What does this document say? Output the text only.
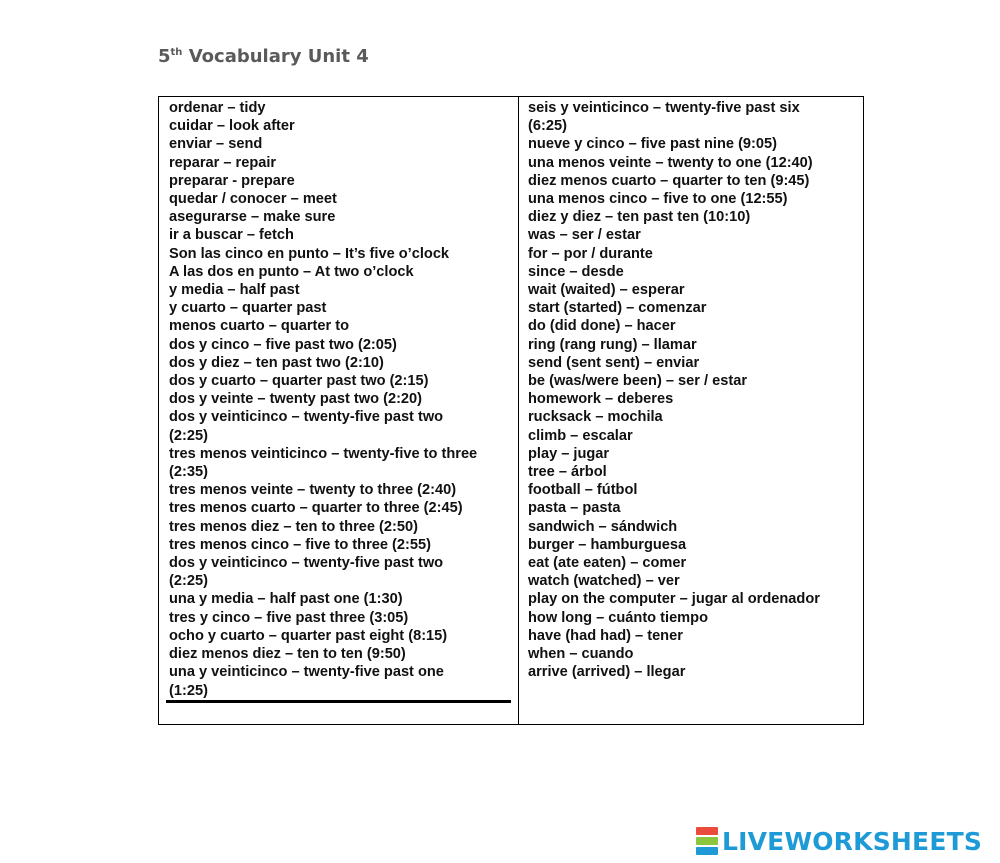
5th Vocabulary Unit 4
ordenar – tidy
cuidar – look after
enviar – send
reparar – repair
preparar - prepare
quedar / conocer – meet
asegurarse – make sure
ir a buscar – fetch
Son las cinco en punto – It’s five o’clock
A las dos en punto – At two o’clock
y media – half past
y cuarto – quarter past
menos cuarto – quarter to
dos y cinco – five past two (2:05)
dos y diez – ten past two (2:10)
dos y cuarto – quarter past two (2:15)
dos y veinte – twenty past two (2:20)
dos y veinticinco – twenty-five past two
(2:25)
tres menos veinticinco – twenty-five to three
(2:35)
tres menos veinte – twenty to three (2:40)
tres menos cuarto – quarter to three (2:45)
tres menos diez – ten to three (2:50)
tres menos cinco – five to three (2:55)
dos y veinticinco – twenty-five past two
(2:25)
una y media – half past one (1:30)
tres y cinco – five past three (3:05)
ocho y cuarto – quarter past eight (8:15)
diez menos diez – ten to ten (9:50)
una y veinticinco – twenty-five past one
(1:25)
seis y veinticinco – twenty-five past six
(6:25)
nueve y cinco – five past nine (9:05)
una menos veinte – twenty to one (12:40)
diez menos cuarto – quarter to ten (9:45)
una menos cinco – five to one (12:55)
diez y diez – ten past ten (10:10)
was – ser / estar
for – por / durante
since – desde
wait (waited) – esperar
start (started) – comenzar
do (did done) – hacer
ring (rang rung) – llamar
send (sent sent) – enviar
be (was/were been) – ser / estar
homework – deberes
rucksack – mochila
climb – escalar
play – jugar
tree – árbol
football – fútbol
pasta – pasta
sandwich – sándwich
burger – hamburguesa
eat (ate eaten) – comer
watch (watched) – ver
play on the computer – jugar al ordenador
how long – cuánto tiempo
have (had had) – tener
when – cuando
arrive (arrived) – llegar
LIVEWORKSHEETS
